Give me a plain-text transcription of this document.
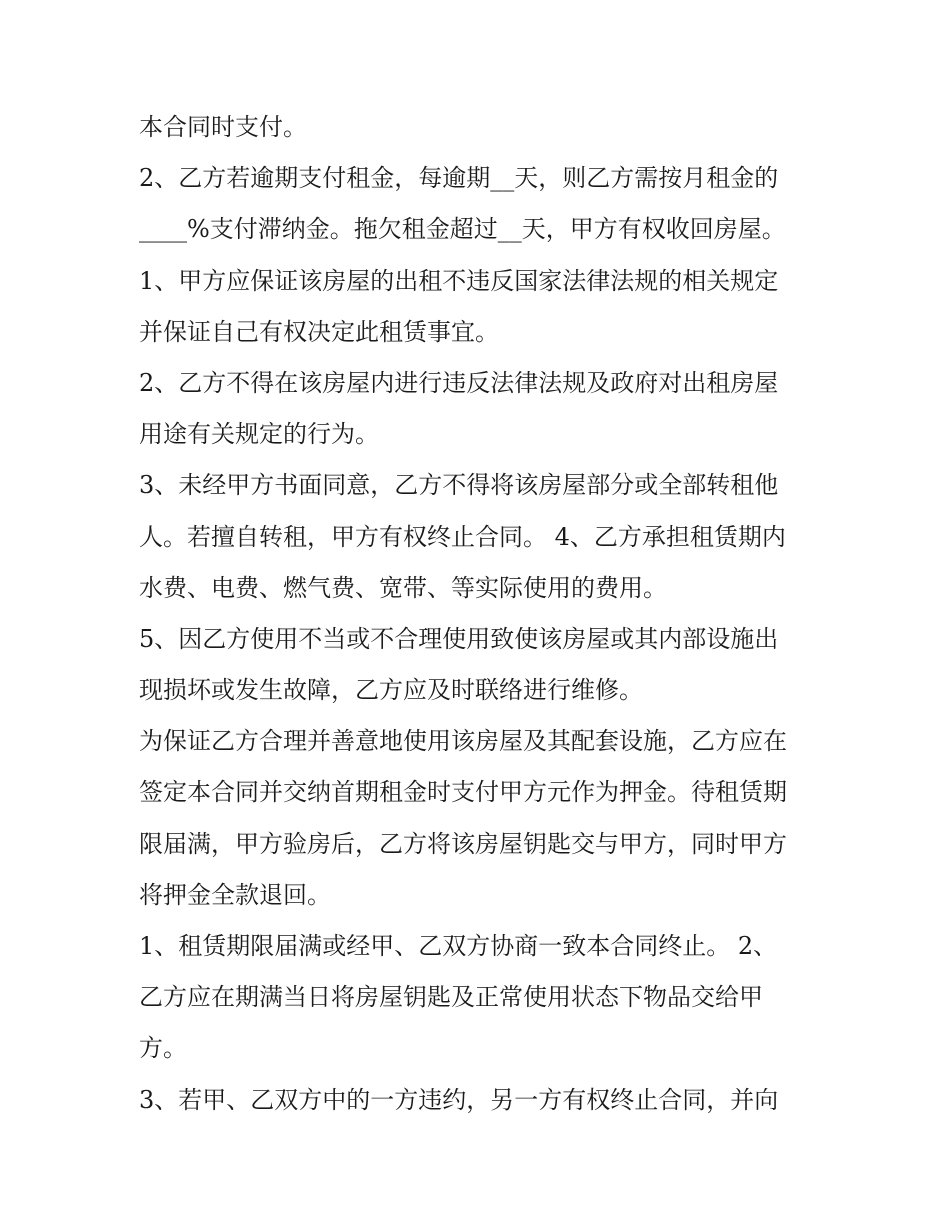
本合同时支付。
2、乙方若逾期支付租金，每逾期__天，则乙方需按月租金的
____%支付滞纳金。拖欠租金超过__天，甲方有权收回房屋。
1、甲方应保证该房屋的出租不违反国家法律法规的相关规定
并保证自己有权决定此租赁事宜。
2、乙方不得在该房屋内进行违反法律法规及政府对出租房屋
用途有关规定的行为。
3、未经甲方书面同意，乙方不得将该房屋部分或全部转租他
人。若擅自转租，甲方有权终止合同。 4、乙方承担租赁期内
水费、电费、燃气费、宽带、等实际使用的费用。
5、因乙方使用不当或不合理使用致使该房屋或其内部设施出
现损坏或发生故障，乙方应及时联络进行维修。
为保证乙方合理并善意地使用该房屋及其配套设施，乙方应在
签定本合同并交纳首期租金时支付甲方元作为押金。待租赁期
限届满，甲方验房后，乙方将该房屋钥匙交与甲方，同时甲方
将押金全款退回。
1、租赁期限届满或经甲、乙双方协商一致本合同终止。 2、
乙方应在期满当日将房屋钥匙及正常使用状态下物品交给甲
方。
3、若甲、乙双方中的一方违约，另一方有权终止合同，并向
